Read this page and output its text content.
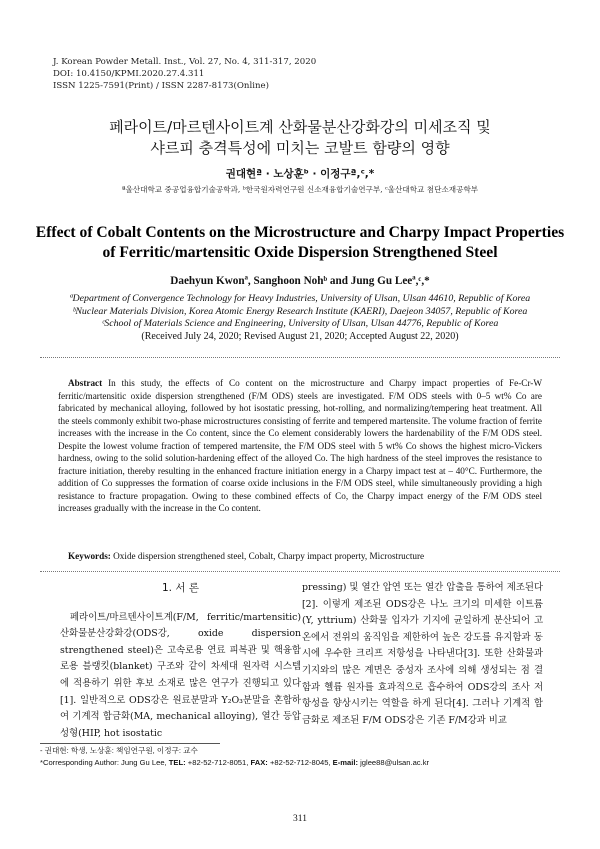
J. Korean Powder Metall. Inst., Vol. 27, No. 4, 311-317, 2020
DOI: 10.4150/KPMI.2020.27.4.311
ISSN 1225-7591(Print) / ISSN 2287-8173(Online)
페라이트/마르텐사이트계 산화물분산강화강의 미세조직 및
샤르피 충격특성에 미치는 코발트 함량의 영향
권대현ª · 노상훈ᵇ · 이정구ª,ᶜ,*
ª울산대학교 중공업융합기술공학과, ᵇ한국원자력연구원 신소재융합기술연구부, ᶜ울산대학교 첨단소재공학부
Effect of Cobalt Contents on the Microstructure and Charpy Impact Properties
of Ferritic/martensitic Oxide Dispersion Strengthened Steel
Daehyun Kwonª, Sanghoon Nohᵇ and Jung Gu Leeª,ᶜ,*
ªDepartment of Convergence Technology for Heavy Industries, University of Ulsan, Ulsan 44610, Republic of Korea
ᵇNuclear Materials Division, Korea Atomic Energy Research Institute (KAERI), Daejeon 34057, Republic of Korea
ᶜSchool of Materials Science and Engineering, University of Ulsan, Ulsan 44776, Republic of Korea
(Received July 24, 2020; Revised August 21, 2020; Accepted August 22, 2020)
Abstract In this study, the effects of Co content on the microstructure and Charpy impact properties of Fe-Cr-W ferritic/martensitic oxide dispersion strengthened (F/M ODS) steels are investigated. F/M ODS steels with 0–5 wt% Co are fabricated by mechanical alloying, followed by hot isostatic pressing, hot-rolling, and normalizing/tempering heat treatment. All the steels commonly exhibit two-phase microstructures consisting of ferrite and tempered martensite. The volume fraction of ferrite increases with the increase in the Co content, since the Co element considerably lowers the hardenability of the F/M ODS steel. Despite the lowest volume fraction of tempered martensite, the F/M ODS steel with 5 wt% Co shows the highest micro-Vickers hardness, owing to the solid solution-hardening effect of the alloyed Co. The high hardness of the steel improves the resistance to fracture initiation, thereby resulting in the enhanced fracture initiation energy in a Charpy impact test at – 40°C. Furthermore, the addition of Co suppresses the formation of coarse oxide inclusions in the F/M ODS steel, while simultaneously providing a high resistance to fracture propagation. Owing to these combined effects of Co, the Charpy impact energy of the F/M ODS steel increases gradually with the increase in the Co content.
Keywords: Oxide dispersion strengthened steel, Cobalt, Charpy impact property, Microstructure
1. 서 론
페라이트/마르텐사이트계(F/M, ferritic/martensitic) 산화물분산강화강(ODS강, oxide dispersion strengthened steel)은 고속로용 연료 피복관 및 핵융합로용 블랭킷(blanket) 구조와 같이 차세대 원자력 시스템에 적용하기 위한 후보 소재로 많은 연구가 진행되고 있다[1]. 일반적으로 ODS강은 원료분말과 Y₂O₃분말을 혼합하여 기계적 합금화(MA, mechanical alloying), 열간 등압 성형(HIP, hot isostatic
pressing) 및 열간 압연 또는 열간 압출을 통하여 제조된다[2]. 이렇게 제조된 ODS강은 나노 크기의 미세한 이트륨(Y, yttrium) 산화물 입자가 기지에 균일하게 분산되어 고온에서 전위의 움직임을 제한하여 높은 강도를 유지함과 동시에 우수한 크리프 저항성을 나타낸다[3]. 또한 산화물과 기지와의 많은 계면은 중성자 조사에 의해 생성되는 점 결함과 헬륨 원자를 효과적으로 흡수하여 ODS강의 조사 저항성을 향상시키는 역할을 하게 된다[4]. 그러나 기계적 합금화로 제조된 F/M ODS강은 기존 F/M강과 비교
- 권대현: 학생, 노상훈: 책임연구원, 이정구: 교수
*Corresponding Author: Jung Gu Lee, TEL: +82-52-712-8051, FAX: +82-52-712-8045, E-mail: jglee88@ulsan.ac.kr
311
